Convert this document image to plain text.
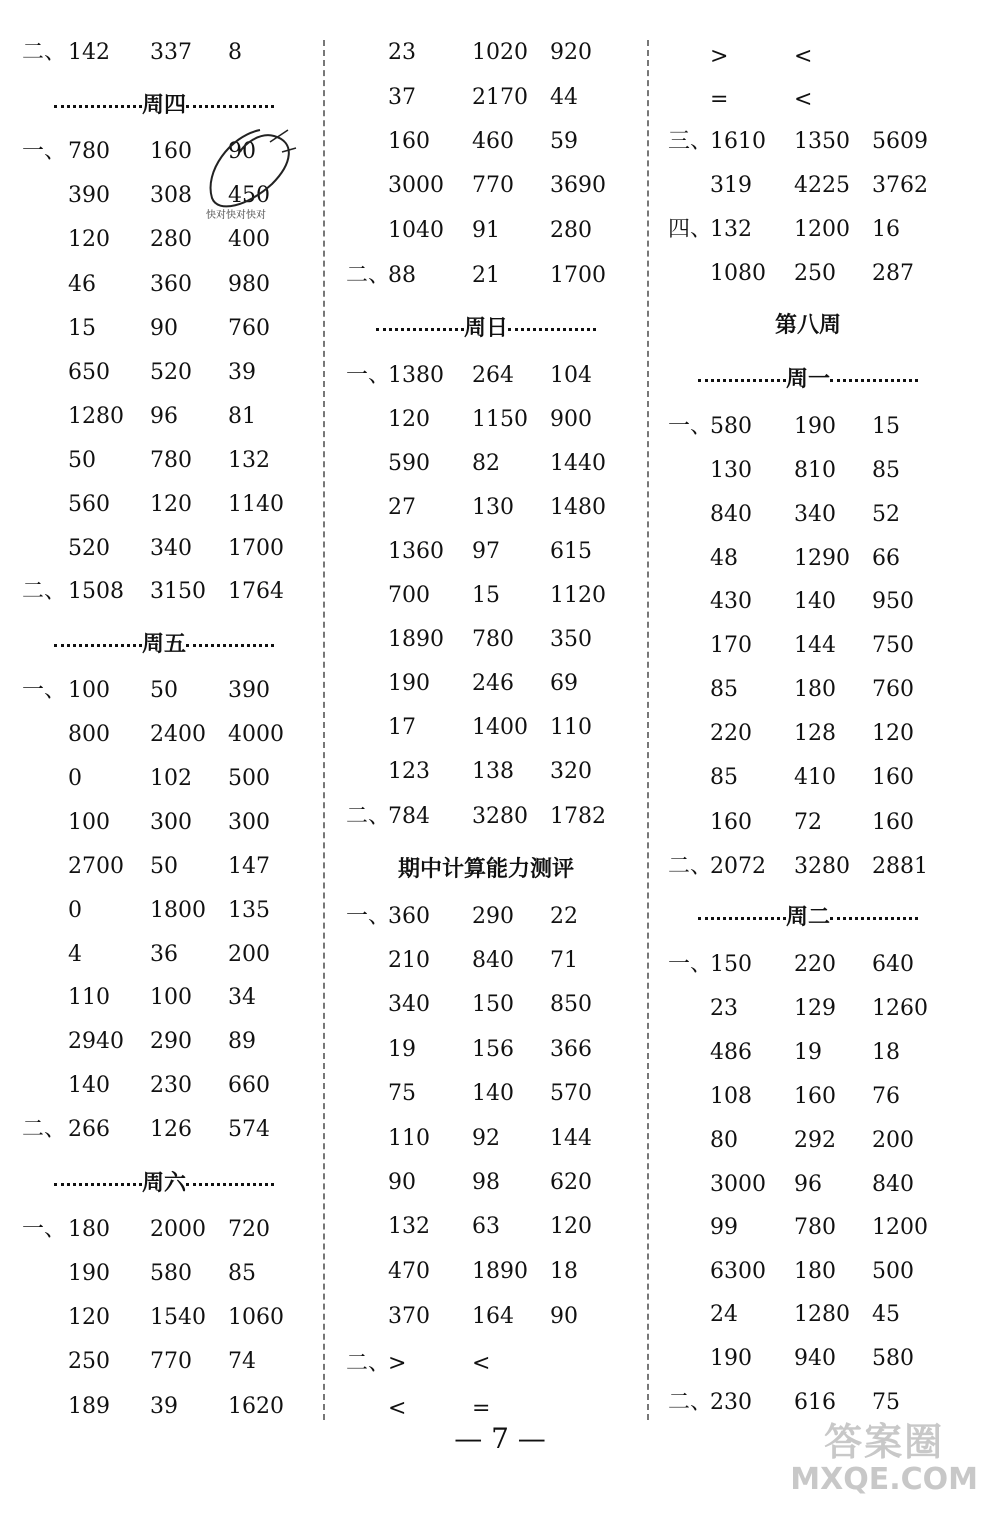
二、 142 337 8
周四
一、 780 160 90
390 308 450
120 280 400
46 360 980
15 90 760
650 520 39
1280 96 81
50 780 132
560 120 1140
520 340 1700
二、 1508 3150 1764
周五
一、 100 50 390
800 2400 4000
0	102 500
100 300 300
2700 50 147
0	1800 135
4	36 200
110 100 34
2940 290 89
140 230 660
二、 266 126 574
周六
一、 180 2000 720
190 580 85
120 1540 1060
250 770 74
189 39 1620
23	1020 920
37	2170 44
160 460 59
3000 770 3690
1040 91 280
二、
88	21 1700
周日
一、
1380 264 104
120 1150 900
590 82 1440
27	130 1480
1360 97 615
700 15 1120
1890 780 350
190 246 69
17	1400 110
123 138 320
二、
784 3280 1782
期中计算能力测评
一、
360 290 22
210 840 71
340 150 850
19	156 366
75	140 570
110 92 144
90	98 620
132 63 120
470 1890 18
370 164 90
二、
>	<
<	=
>	<
=	<
三、
1610 1350 5609
319 4225 3762
四、
132 1200 16
1080 250 287
第八周
周一
一、
580 190 15
130 810 85
840 340 52
48	1290 66
430 140 950
170 144 750
85	180 760
220 128 120
85	410 160
160 72 160
二、
2072 3280 2881
周二
一、
150 220 640
23	129 1260
486 19 18
108 160 76
80	292 200
3000 96 840
99	780 1200
6300 180 500
24	1280 45
190 940 580
二、
230 616 75
快对快对快对
— 7 —	答案圈
MXQE.COM
